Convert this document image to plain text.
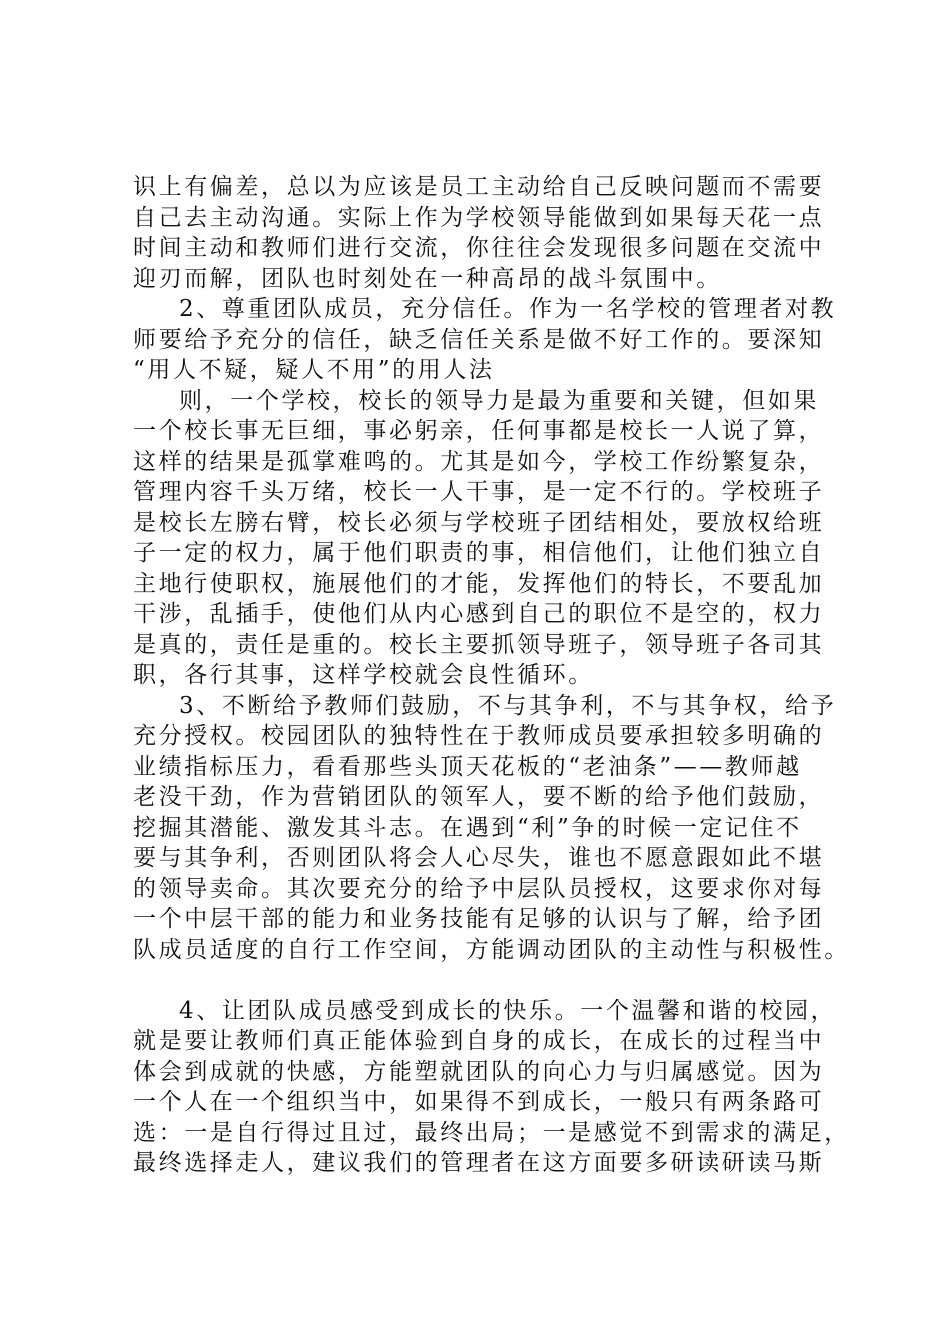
识上有偏差，总以为应该是员工主动给自己反映问题而不需要
自己去主动沟通。实际上作为学校领导能做到如果每天花一点
时间主动和教师们进行交流，你往往会发现很多问题在交流中
迎刃而解，团队也时刻处在一种高昂的战斗氛围中。
2、尊重团队成员，充分信任。作为一名学校的管理者对教
师要给予充分的信任，缺乏信任关系是做不好工作的。要深知
“用人不疑，疑人不用”的用人法
则，一个学校，校长的领导力是最为重要和关键，但如果
一个校长事无巨细，事必躬亲，任何事都是校长一人说了算，
这样的结果是孤掌难鸣的。尤其是如今，学校工作纷繁复杂，
管理内容千头万绪，校长一人干事，是一定不行的。学校班子
是校长左膀右臂，校长必须与学校班子团结相处，要放权给班
子一定的权力，属于他们职责的事，相信他们，让他们独立自
主地行使职权，施展他们的才能，发挥他们的特长，不要乱加
干涉，乱插手，使他们从内心感到自己的职位不是空的，权力
是真的，责任是重的。校长主要抓领导班子，领导班子各司其
职，各行其事，这样学校就会良性循环。
3、不断给予教师们鼓励，不与其争利，不与其争权，给予
充分授权。校园团队的独特性在于教师成员要承担较多明确的
业绩指标压力，看看那些头顶天花板的“老油条”——教师越
老没干劲，作为营销团队的领军人，要不断的给予他们鼓励，
挖掘其潜能、激发其斗志。在遇到“利”争的时候一定记住不
要与其争利，否则团队将会人心尽失，谁也不愿意跟如此不堪
的领导卖命。其次要充分的给予中层队员授权，这要求你对每
一个中层干部的能力和业务技能有足够的认识与了解，给予团
队成员适度的自行工作空间，方能调动团队的主动性与积极性。
4、让团队成员感受到成长的快乐。一个温馨和谐的校园，
就是要让教师们真正能体验到自身的成长，在成长的过程当中
体会到成就的快感，方能塑就团队的向心力与归属感觉。因为
一个人在一个组织当中，如果得不到成长，一般只有两条路可
选：一是自行得过且过，最终出局；一是感觉不到需求的满足，
最终选择走人，建议我们的管理者在这方面要多研读研读马斯
